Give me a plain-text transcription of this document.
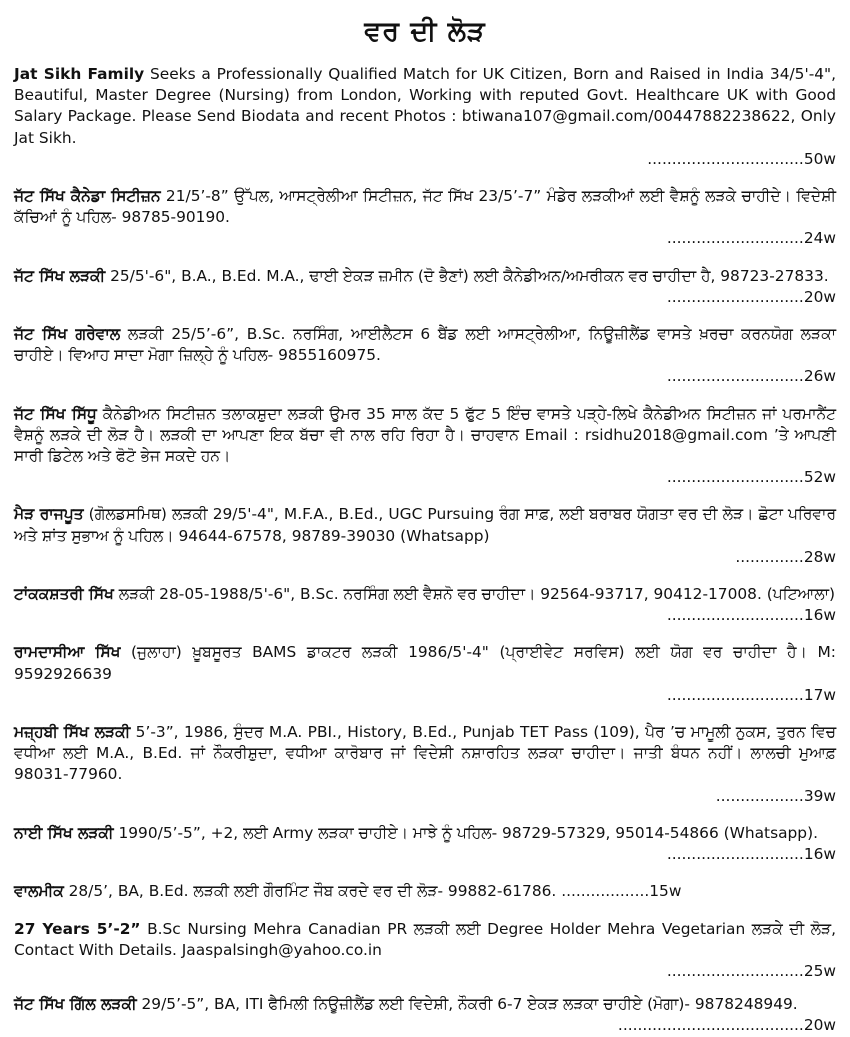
ਵਰ ਦੀ ਲੋੜ

Jat Sikh Family Seeks a Professionally Qualified Match for UK Citizen, Born and Raised in India 34/5'-4", Beautiful, Master Degree (Nursing) from London, Working with reputed Govt. Healthcare UK with Good Salary Package. Please Send Biodata and recent Photos : btiwana107@gmail.com/00447882238622, Only Jat Sikh.

................................50w

ਜੱਟ ਸਿੱਖ ਕੈਨੇਡਾ ਸਿਟੀਜ਼ਨ 21/5’-8” ਉੱਪਲ, ਆਸਟ੍ਰੇਲੀਆ ਸਿਟੀਜ਼ਨ, ਜੱਟ ਸਿੱਖ 23/5’-7” ਮੰਡੇਰ ਲੜਕੀਆਂ ਲਈ ਵੈਸ਼ਨੂੰ ਲੜਕੇ ਚਾਹੀਦੇ। ਵਿਦੇਸ਼ੀ ਕੱਚਿਆਂ ਨੂੰ ਪਹਿਲ- 98785-90190.

............................24w

ਜੱਟ ਸਿੱਖ ਲੜਕੀ 25/5'-6", B.A., B.Ed. M.A., ਢਾਈ ਏਕੜ ਜ਼ਮੀਨ (ਦੋ ਭੈਣਾਂ) ਲਈ ਕੈਨੇਡੀਅਨ/ਅਮਰੀਕਨ ਵਰ ਚਾਹੀਦਾ ਹੈ, 98723-27833.

............................20w

ਜੱਟ ਸਿੱਖ ਗਰੇਵਾਲ ਲੜਕੀ 25/5’-6”, B.Sc. ਨਰਸਿੰਗ, ਆਈਲੈਟਸ 6 ਬੈਂਡ ਲਈ ਆਸਟ੍ਰੇਲੀਆ, ਨਿਊਜ਼ੀਲੈਂਡ ਵਾਸਤੇ ਖ਼ਰਚਾ ਕਰਨਯੋਗ ਲੜਕਾ ਚਾਹੀਏ। ਵਿਆਹ ਸਾਦਾ ਮੋਗਾ ਜ਼ਿਲ੍ਹੇ ਨੂੰ ਪਹਿਲ- 9855160975.

............................26w

ਜੱਟ ਸਿੱਖ ਸਿੱਧੂ ਕੈਨੇਡੀਅਨ ਸਿਟੀਜ਼ਨ ਤਲਾਕਸ਼ੁਦਾ ਲੜਕੀ ਉਮਰ 35 ਸਾਲ ਕੱਦ 5 ਫੁੱਟ 5 ਇੰਚ ਵਾਸਤੇ ਪੜ੍ਹੇ-ਲਿਖੇ ਕੈਨੇਡੀਅਨ ਸਿਟੀਜ਼ਨ ਜਾਂ ਪਰਮਾਨੈਂਟ ਵੈਸ਼ਨੂੰ ਲੜਕੇ ਦੀ ਲੋੜ ਹੈ। ਲੜਕੀ ਦਾ ਆਪਣਾ ਇਕ ਬੱਚਾ ਵੀ ਨਾਲ ਰਹਿ ਰਿਹਾ ਹੈ। ਚਾਹਵਾਨ Email : rsidhu2018@gmail.com ’ਤੇ ਆਪਣੀ ਸਾਰੀ ਡਿਟੇਲ ਅਤੇ ਫੋਟੋ ਭੇਜ ਸਕਦੇ ਹਨ।

............................52w

ਮੈੜ ਰਾਜਪੂਤ (ਗੋਲਡਸਮਿਥ) ਲੜਕੀ 29/5'-4", M.F.A., B.Ed., UGC Pursuing ਰੰਗ ਸਾਫ਼, ਲਈ ਬਰਾਬਰ ਯੋਗਤਾ ਵਰ ਦੀ ਲੋੜ। ਛੋਟਾ ਪਰਿਵਾਰ ਅਤੇ ਸ਼ਾਂਤ ਸੁਭਾਅ ਨੂੰ ਪਹਿਲ। 94644-67578, 98789-39030 (Whatsapp)

..............28w

ਟਾਂਕਕਸ਼ਤਰੀ ਸਿੱਖ ਲੜਕੀ 28-05-1988/5'-6", B.Sc. ਨਰਸਿੰਗ ਲਈ ਵੈਸ਼ਨੋ ਵਰ ਚਾਹੀਦਾ। 92564-93717, 90412-17008. (ਪਟਿਆਲਾ)

............................16w

ਰਾਮਦਾਸੀਆ ਸਿੱਖ (ਜੁਲਾਹਾ) ਖ਼ੂਬਸੂਰਤ BAMS ਡਾਕਟਰ ਲੜਕੀ 1986/5'-4" (ਪ੍ਰਾਈਵੇਟ ਸਰਵਿਸ) ਲਈ ਯੋਗ ਵਰ ਚਾਹੀਦਾ ਹੈ। M: 9592926639

............................17w

ਮਜ਼੍ਹਬੀ ਸਿੱਖ ਲੜਕੀ 5’-3”, 1986, ਸੁੰਦਰ M.A. PBI., History, B.Ed., Punjab TET Pass (109), ਪੈਰ ’ਚ ਮਾਮੂਲੀ ਨੁਕਸ, ਤੁਰਨ ਵਿਚ ਵਧੀਆ ਲਈ M.A., B.Ed. ਜਾਂ ਨੌਕਰੀਸ਼ੁਦਾ, ਵਧੀਆ ਕਾਰੋਬਾਰ ਜਾਂ ਵਿਦੇਸ਼ੀ ਨਸ਼ਾਰਹਿਤ ਲੜਕਾ ਚਾਹੀਦਾ। ਜਾਤੀ ਬੰਧਨ ਨਹੀਂ। ਲਾਲਚੀ ਮੁਆਫ਼ 98031-77960.

..................39w

ਨਾਈ ਸਿੱਖ ਲੜਕੀ 1990/5’-5”, +2, ਲਈ Army ਲੜਕਾ ਚਾਹੀਏ। ਮਾਝੇ ਨੂੰ ਪਹਿਲ- 98729-57329, 95014-54866 (Whatsapp).

............................16w

ਵਾਲਮੀਕ 28/5’, BA, B.Ed. ਲੜਕੀ ਲਈ ਗੌਰਮਿੰਟ ਜੌਬ ਕਰਦੇ ਵਰ ਦੀ ਲੋੜ- 99882-61786. ..................15w

27 Years 5’-2” B.Sc Nursing Mehra Canadian PR ਲੜਕੀ ਲਈ Degree Holder Mehra Vegetarian ਲੜਕੇ ਦੀ ਲੋੜ, Contact With Details. Jaaspalsingh@yahoo.co.in

............................25w

ਜੱਟ ਸਿੱਖ ਗਿੱਲ ਲੜਕੀ 29/5’-5”, BA, ITI ਫੈਮਿਲੀ ਨਿਊਜ਼ੀਲੈਂਡ ਲਈ ਵਿਦੇਸ਼ੀ, ਨੌਕਰੀ 6-7 ਏਕੜ ਲੜਕਾ ਚਾਹੀਏ (ਮੋਗਾ)- 9878248949.

......................................20w
